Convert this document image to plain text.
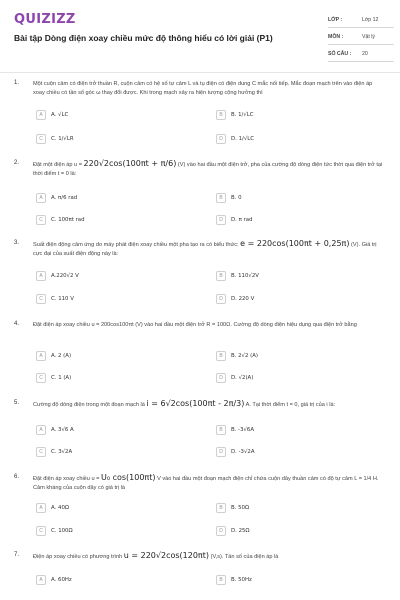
QUIZIZZ
Bài tập Dòng điện xoay chiều mức độ thông hiểu có lời giải (P1)
LỚP :	Lớp 12
MÔN :	Vật lý
SỐ CÂU :	20
1. Một cuộn cảm có điện trở thuần R, cuộn cảm có hệ số tự cảm L và tụ điện có điện dung C mắc nối tiếp. Mắc đoạn mạch trên vào điện áp xoay chiều có tần số góc ω thay đổi được. Khi trong mạch xảy ra hiện tượng cộng hưởng thì
A	A. √LC	B	B. 1/√LC
C	C. 1/√LR	D	D. 1/√LC
2. Đặt một điện áp u = 220√2cos(100πt + π/6) (V) vào hai đầu một điện trở, pha của cường độ dòng điện tức thời qua điện trở tại thời điểm t = 0 là:
A	A. π/6 rad	B	B. 0
C	C. 100πt rad	D	D. π rad
3. Suất điện động cảm ứng do máy phát điện xoay chiều một pha tạo ra có biểu thức: e = 220cos(100πt + 0,25π) (V). Giá trị cực đại của suất điện động này là:
A	A.220√2 V	B	B. 110√2V
C	C. 110 V	D	D. 220 V
4. Đặt điện áp xoay chiều u = 200cos100πt (V) vào hai đầu một điện trở R = 100Ω. Cường độ dòng điện hiệu dụng qua điện trở bằng
A	A. 2 (A)	B	B. 2√2 (A)
C	C. 1 (A)	D	D. √2(A)
5. Cường độ dòng điện trong một đoạn mạch là i = 6√2cos(100πt - 2π/3) A. Tại thời điểm t = 0, giá trị của i là:
A	A. 3√6 A	B	B. -3√6A
C	C. 3√2A	D	D. -3√2A
6. Đặt điện áp xoay chiều u = U₀ cos(100πt) V vào hai đầu một đoạn mạch điện chỉ chứa cuộn dây thuần cảm có độ tự cảm L = 1/4 H. Cảm kháng của cuộn dây có giá trị là
A	A. 40Ω	B	B. 50Ω
C	C. 100Ω	D	D. 25Ω
7. Điện áp xoay chiều có phương trình u = 220√2cos(120πt) (V,s). Tần số của điện áp là
A	A. 60Hz	B	B. 50Hz
